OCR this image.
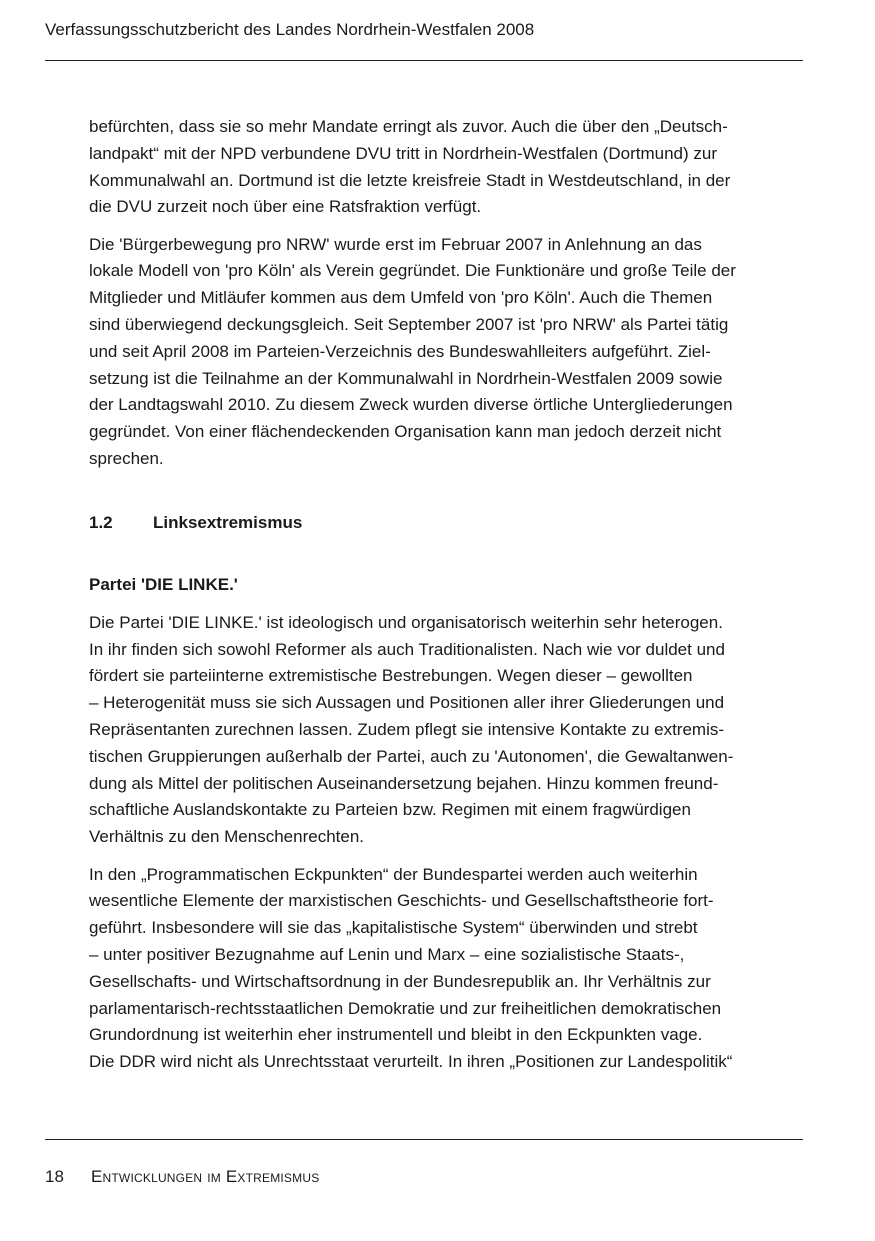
Verfassungsschutzbericht des Landes Nordrhein-Westfalen 2008

befürchten, dass sie so mehr Mandate erringt als zuvor. Auch die über den „Deutsch-
landpakt“ mit der NPD verbundene DVU tritt in Nordrhein-Westfalen (Dortmund) zur
Kommunalwahl an. Dortmund ist die letzte kreisfreie Stadt in Westdeutschland, in der
die DVU zurzeit noch über eine Ratsfraktion verfügt.

Die 'Bürgerbewegung pro NRW' wurde erst im Februar 2007 in Anlehnung an das
lokale Modell von 'pro Köln' als Verein gegründet. Die Funktionäre und große Teile der
Mitglieder und Mitläufer kommen aus dem Umfeld von 'pro Köln'. Auch die Themen
sind überwiegend deckungsgleich. Seit September 2007 ist 'pro NRW' als Partei tätig
und seit April 2008 im Parteien-Verzeichnis des Bundeswahlleiters aufgeführt. Ziel-
setzung ist die Teilnahme an der Kommunalwahl in Nordrhein-Westfalen 2009 sowie
der Landtagswahl 2010. Zu diesem Zweck wurden diverse örtliche Untergliederungen
gegründet. Von einer flächendeckenden Organisation kann man jedoch derzeit nicht
sprechen.

1.2 Linksextremismus
Partei 'DIE LINKE.'

Die Partei 'DIE LINKE.' ist ideologisch und organisatorisch weiterhin sehr heterogen.
In ihr finden sich sowohl Reformer als auch Traditionalisten. Nach wie vor duldet und
fördert sie parteiinterne extremistische Bestrebungen. Wegen dieser – gewollten
– Heterogenität muss sie sich Aussagen und Positionen aller ihrer Gliederungen und
Repräsentanten zurechnen lassen. Zudem pflegt sie intensive Kontakte zu extremis-
tischen Gruppierungen außerhalb der Partei, auch zu 'Autonomen', die Gewaltanwen-
dung als Mittel der politischen Auseinandersetzung bejahen. Hinzu kommen freund-
schaftliche Auslandskontakte zu Parteien bzw. Regimen mit einem fragwürdigen
Verhältnis zu den Menschenrechten.

In den „Programmatischen Eckpunkten“ der Bundespartei werden auch weiterhin
wesentliche Elemente der marxistischen Geschichts- und Gesellschaftstheorie fort-
geführt. Insbesondere will sie das „kapitalistische System“ überwinden und strebt
– unter positiver Bezugnahme auf Lenin und Marx – eine sozialistische Staats-,
Gesellschafts- und Wirtschaftsordnung in der Bundesrepublik an. Ihr Verhältnis zur
parlamentarisch-rechtsstaatlichen Demokratie und zur freiheitlichen demokratischen
Grundordnung ist weiterhin eher instrumentell und bleibt in den Eckpunkten vage.
Die DDR wird nicht als Unrechtsstaat verurteilt. In ihren „Positionen zur Landespolitik“

18 Entwicklungen im Extremismus
